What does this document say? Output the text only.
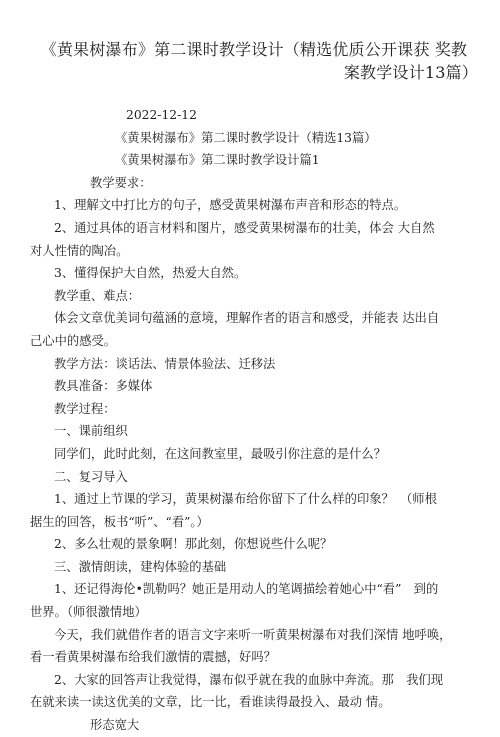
《黄果树瀑布》第二课时教学设计（精选优质公开课获 奖教
案教学设计13篇）
2022-12-12
《黄果树瀑布》第二课时教学设计（精选13篇）
《黄果树瀑布》第二课时教学设计篇1
教学要求：
1、理解文中打比方的句子，感受黄果树瀑布声音和形态的特点。
2、通过具体的语言材料和图片，感受黄果树瀑布的壮美，体会 大自然
对人性情的陶冶。
3、懂得保护大自然，热爱大自然。
教学重、难点：
体会文章优美词句蕴涵的意境，理解作者的语言和感受，并能表 达出自
己心中的感受。
教学方法：谈话法、情景体验法、迁移法
教具准备：多媒体
教学过程：
一、课前组织
同学们，此时此刻，在这间教室里，最吸引你注意的是什么？
二、复习导入
1、通过上节课的学习，黄果树瀑布给你留下了什么样的印象？　（师根
据生的回答，板书“听”、“看”。）
2、多么壮观的景象啊！那此刻，你想说些什么呢？
三、激情朗读，建构体验的基础
1、还记得海伦•凯勒吗？她正是用动人的笔调描绘着她心中“看”　到的
世界。（师很激情地）
今天，我们就借作者的语言文字来听一听黄果树瀑布对我们深情 地呼唤，
看一看黄果树瀑布给我们激情的震撼，好吗？
2、大家的回答声让我觉得，瀑布似乎就在我的血脉中奔流。那　我们现
在就来读一读这优美的文章，比一比，看谁读得最投入、最动 情。
形态宽大
